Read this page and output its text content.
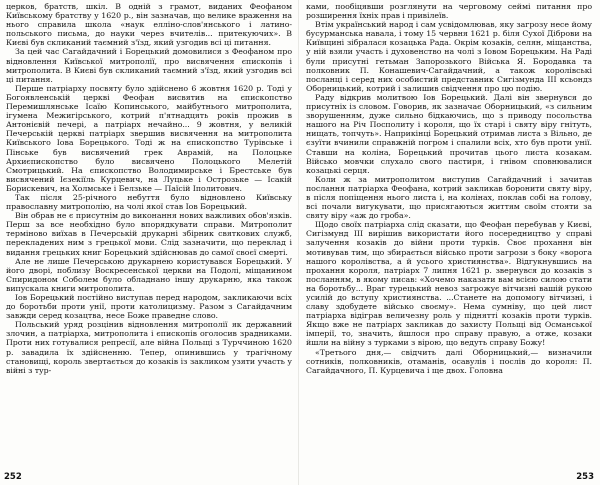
церков, братств, шкіл. В одній з грамот, виданих Феофаном Київському братству у 1620 р., він зазначав, що велике враження на нього справила школа «наук елліно-слов'янського і латино-польського письма, до науки через вчителів... притекуючих». В Києві був скликаний таємний з'їзд, який узгодив всі ці питання.

За цей час Сагайдачний і Борецький домовилися з Феофаном про відновлення Київської митрополії, про висвячення єпископів і митрополита. В Києві був скликаний таємний з'їзд, який узгодив всі ці питання.

Перше патріарху посвяту було здійснено 6 жовтня 1620 р. Тоді у Богоявленській церкві Феофан висвятив на єпископство Перемишлянське Ісаїю Копинського, майбутнього митрополита, ігумена Межигірського, котрий п'ятнадцять років прожив в Антонієвій печері, а патріарх нечайно... 9 жовтня, у великій Печерській церкві патріарх звершив висвячення на митрополита Київського Іова Борецького. Тоді ж на єпископство Турівське і Пінське був висвячений грек Аврамій, на Полоцьке Архиєпископство було висвячено Полоцького Мелетій Смотрицький. На єпископство Володимирське і Брестське був висвячений Ієзекіїль Курцевич, на Луцьке і Острозьке — Ісакій Борискевич, на Холмське і Белзьке — Паїсій Іполитович.

Так після 25-річного небуття було відновлено Київську православну митрополію, на чолі якої став Іов Борецький.

Він обрав не є присутнім до виконання нових важливих обов'язків. Перш за все необхідно було впорядкувати справи. Митрополит терміново виїхав в Печерській друкарні збірник святкових служб, перекладених ним з грецької мови. Слід зазначити, що переклад і видання грецьких книг Борецький здійснював до самої своєї смерті.

Але не лише Печерською друкарнею користувався Борецький. У його дворі, поблизу Воскресенської церкви на Подолі, міщанином Спиридоном Соболем було обладнано іншу друкарню, яка також випускала книги митрополита.

Іов Борецький постійно виступав перед народом, закликаючи всіх до боротьби проти унії, проти католицизму. Разом з Сагайдачним завжди серед козацтва, несе Боже праведне слово.

Польський уряд розцінив відновлення митрополії як державний злочин, а патріарха, митрополита і єпископів оголосив зрадниками. Проти них готувалися репресії, але війна Польщі з Турччиною 1620 р. завадила їх здійсненню. Тепер, опинившись у трагічному становищі, король звертається до козаків із закликом узяти участь у війні з тур-

ками, пообіцявши розглянути на черговому сеймі питання про розширення їхніх прав і привілеїв.

Втім український народ і сам усвідомлював, яку загрозу несе йому бусурманська навала, і тому 15 червня 1621 р. біля Сухої Діброви на Київщині зібралася козацька Рада. Окрім козаків, селян, міщанства, у ній взяли участь і духовенство на чолі з Іовом Борецьким. На Раді були присутні гетьман Запорозького Війська Я. Бородавка та полковник П. Конашевич-Сагайдачний, а також королівські посланці і серед них особистий представник Сигізмунда ІІІ ксьондз Оборницький, котрий і залишив свідчення про цю подію.

Раду відкрив молитвою Іов Борецький. Далі він звернувся до присутніх із словом. Говорив, як зазначає Оборницький, «з сильним зворушенням, дуже сильно бідкаючись, що з приводу посольства нашого на Річ Посполиту і короля, що їх старі і святу віру гнітуть, нищать, топчуть». Наприкінці Борецький отримав листа з Вільно, де єзуїти вчинили справжній погром і спалили всіх, хто був проти унії. Ставши на коліна, Борецький прочитав цього листа козакам. Військо мовчки слухало свого пастиря, і гнівом сповнювалися козацькі серця.

Коли ж за митрополитом виступив Сагайдачний і зачитав послання патріарха Феофана, котрий закликав боронити святу віру, в після попіщення нього листа і, на колінах, поклав собі на голову, всі почали вигукувати, що присягаються життям своїм стояти за святу віру «аж до гроба».

Щодо своїх патріарха слід сказати, що Феофан перебував у Києві, Сигізмунд ІІІ вирішив використати його посередництво у справі залучення козаків до війни проти турків. Своє прохання він мотивував тим, що збирається військо проти загрози з боку «ворога нашого королівства, а й усього християнства». Відгукнувшись на прохання короля, патріарх 7 липня 1621 р. звернувся до козаків з посланням, в якому писав: «Хочемо наказати вам всією силою стати на боротьбу... Враг турецький невоз загрожує вітчизні вашій рукою усилій до вступу християнства. ...Станете на допомогу вітчизні, і славу здобудете військо своєму». Нема сумніву, що цей лист патріарха відіграв величезну роль у піднятті козаків проти турків. Якщо вже не патріарх закликав до захисту Польщі від Османської імперії, то, значить, йшлося про справу правую, а отже, козаки йшли на війну з турками з вірою, що ведуть справу Божу!

«Третього дня,— свідчить далі Оборницький,— визначили сотників, полковників, отаманів, осавулів і послів до короля: П. Сагайдачного, П. Курцевича і ще двох. Головна

252	253
